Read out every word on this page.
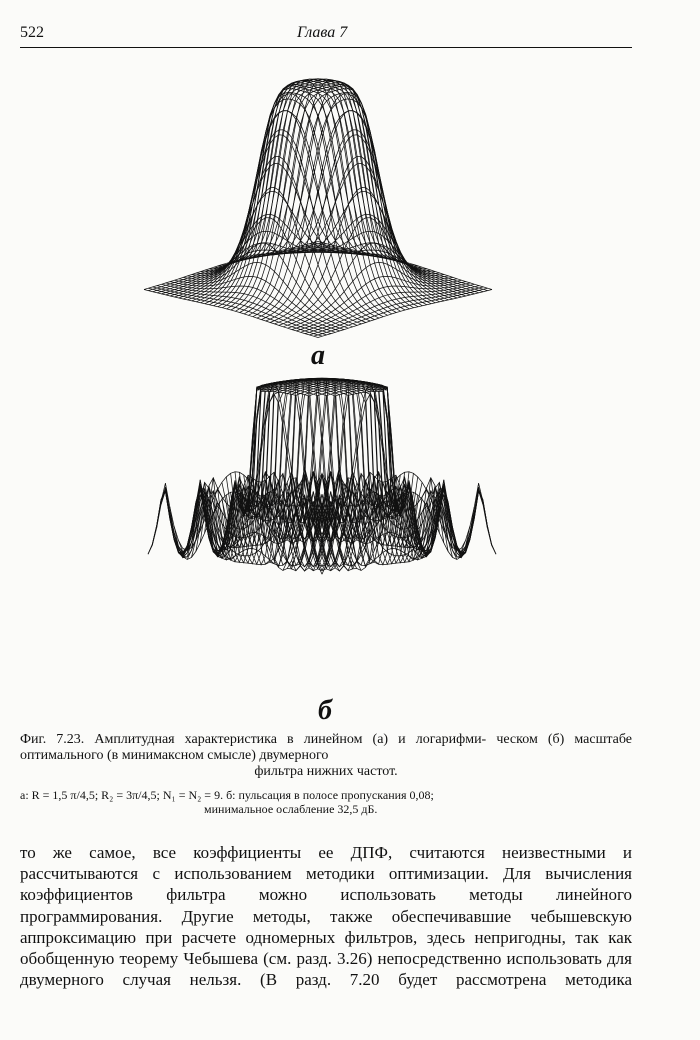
522	Глава 7
а
б
Фиг. 7.23. Амплитудная характеристика в линейном (а) и логарифми- ческом (б) масштабе оптимального (в минимаксном смысле) двумерного
фильтра нижних частот.
а: R = 1,5 π/4,5; R₂ = 3π/4,5; N₁ = N₂ = 9. б: пульсация в полосе пропускания 0,08;
минимальное ослабление 32,5 дБ.
то же самое, все коэффициенты ее ДПФ, считаются неизвестными и рассчитываются с использованием методики оптимизации. Для вычисления коэффициентов фильтра можно использовать методы линейного программирования. Другие методы, также обеспечивавшие чебышевскую аппроксимацию при расчете одномерных фильтров, здесь непригодны, так как обобщенную теорему Чебышева (см. разд. 3.26) непосредственно использовать для двумерного случая нельзя. (В разд. 7.20 будет рассмотрена методика
